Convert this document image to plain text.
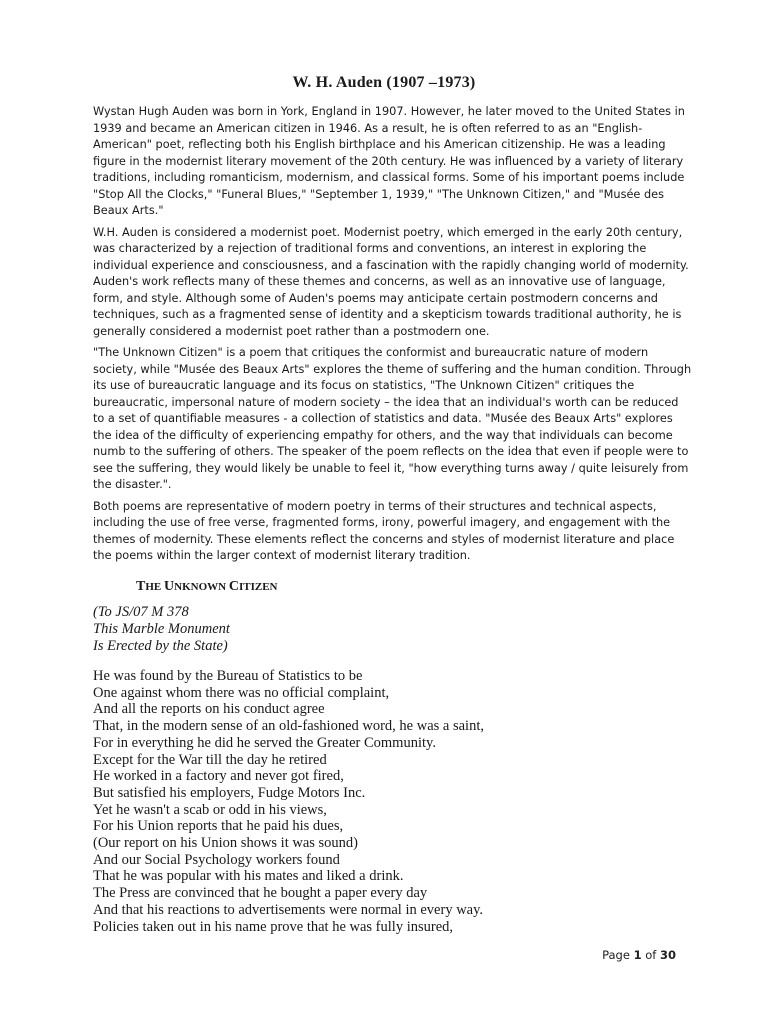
W. H. Auden (1907 –1973)

Wystan Hugh Auden was born in York, England in 1907. However, he later moved to the United States in 1939 and became an American citizen in 1946. As a result, he is often referred to as an "English-American" poet, reflecting both his English birthplace and his American citizenship. He was a leading figure in the modernist literary movement of the 20th century. He was influenced by a variety of literary traditions, including romanticism, modernism, and classical forms. Some of his important poems include "Stop All the Clocks," "Funeral Blues," "September 1, 1939," "The Unknown Citizen," and "Musée des Beaux Arts."

W.H. Auden is considered a modernist poet. Modernist poetry, which emerged in the early 20th century, was characterized by a rejection of traditional forms and conventions, an interest in exploring the individual experience and consciousness, and a fascination with the rapidly changing world of modernity. Auden's work reflects many of these themes and concerns, as well as an innovative use of language, form, and style. Although some of Auden's poems may anticipate certain postmodern concerns and techniques, such as a fragmented sense of identity and a skepticism towards traditional authority, he is generally considered a modernist poet rather than a postmodern one.

"The Unknown Citizen" is a poem that critiques the conformist and bureaucratic nature of modern society, while "Musée des Beaux Arts" explores the theme of suffering and the human condition. Through its use of bureaucratic language and its focus on statistics, "The Unknown Citizen" critiques the bureaucratic, impersonal nature of modern society – the idea that an individual's worth can be reduced to a set of quantifiable measures - a collection of statistics and data. "Musée des Beaux Arts" explores the idea of the difficulty of experiencing empathy for others, and the way that individuals can become numb to the suffering of others. The speaker of the poem reflects on the idea that even if people were to see the suffering, they would likely be unable to feel it, "how everything turns away / quite leisurely from the disaster.".

Both poems are representative of modern poetry in terms of their structures and technical aspects, including the use of free verse, fragmented forms, irony, powerful imagery, and engagement with the themes of modernity. These elements reflect the concerns and styles of modernist literature and place the poems within the larger context of modernist literary tradition.

THE UNKNOWN CITIZEN
(To JS/07 M 378
This Marble Monument
Is Erected by the State)
He was found by the Bureau of Statistics to be
One against whom there was no official complaint,
And all the reports on his conduct agree
That, in the modern sense of an old-fashioned word, he was a saint,
For in everything he did he served the Greater Community.
Except for the War till the day he retired
He worked in a factory and never got fired,
But satisfied his employers, Fudge Motors Inc.
Yet he wasn't a scab or odd in his views,
For his Union reports that he paid his dues,
(Our report on his Union shows it was sound)
And our Social Psychology workers found
That he was popular with his mates and liked a drink.
The Press are convinced that he bought a paper every day
And that his reactions to advertisements were normal in every way.
Policies taken out in his name prove that he was fully insured,
Page 1 of 30
